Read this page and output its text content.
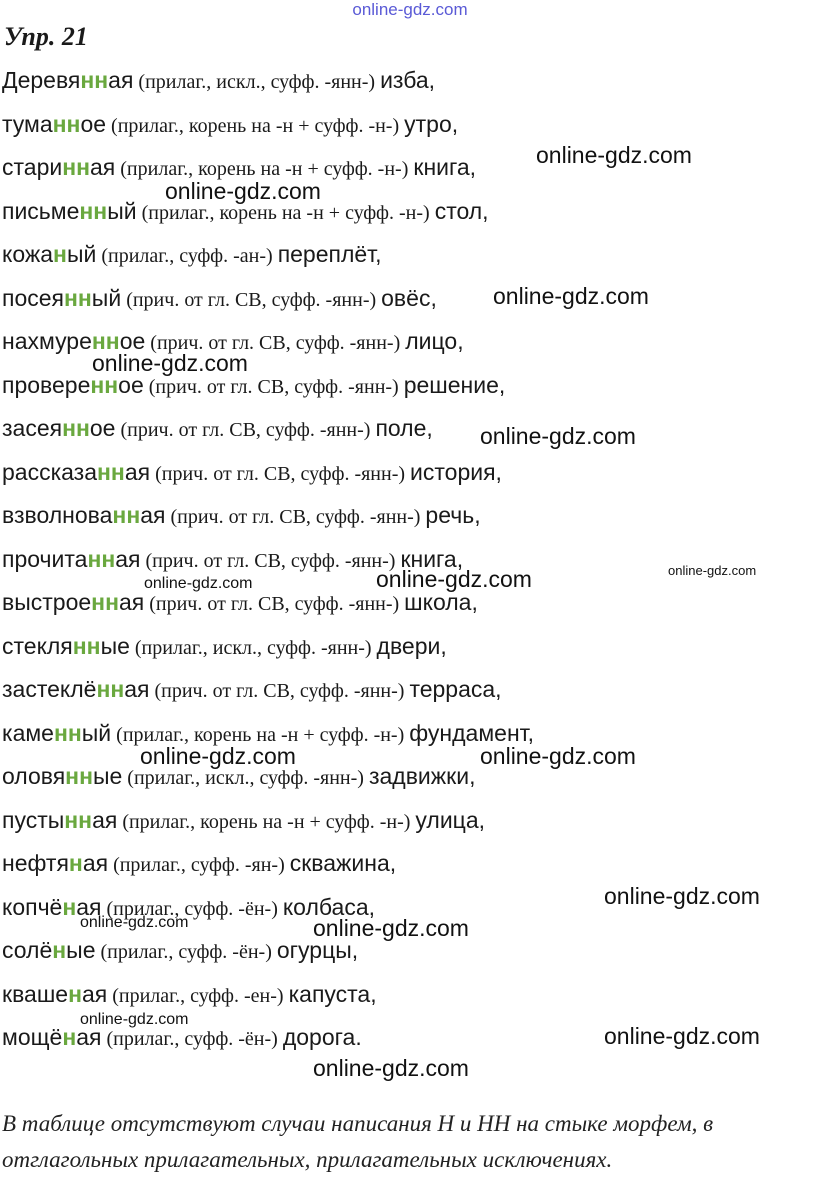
online-gdz.com
Упр. 21
Деревянная (прилаг., искл., суфф. -янн-) изба,
туманное (прилаг., корень на -н + суфф. -н-) утро,
старинная (прилаг., корень на -н + суфф. -н-) книга,
письменный (прилаг., корень на -н + суфф. -н-) стол,
кожаный (прилаг., суфф. -ан-) переплёт,
посеянный (прич. от гл. СВ, суфф. -янн-) овёс,
нахмуренное (прич. от гл. СВ, суфф. -янн-) лицо,
проверенное (прич. от гл. СВ, суфф. -янн-) решение,
засеянное (прич. от гл. СВ, суфф. -янн-) поле,
рассказанная (прич. от гл. СВ, суфф. -янн-) история,
взволнованная (прич. от гл. СВ, суфф. -янн-) речь,
прочитанная (прич. от гл. СВ, суфф. -янн-) книга,
выстроенная (прич. от гл. СВ, суфф. -янн-) школа,
стеклянные (прилаг., искл., суфф. -янн-) двери,
застеклённая (прич. от гл. СВ, суфф. -янн-) терраса,
каменный (прилаг., корень на -н + суфф. -н-) фундамент,
оловянные (прилаг., искл., суфф. -янн-) задвижки,
пустынная (прилаг., корень на -н + суфф. -н-) улица,
нефтяная (прилаг., суфф. -ян-) скважина,
копчёная (прилаг., суфф. -ён-) колбаса,
солёные (прилаг., суфф. -ён-) огурцы,
квашеная (прилаг., суфф. -ен-) капуста,
мощёная (прилаг., суфф. -ён-) дорога.
online-gdz.com
online-gdz.com
online-gdz.com
online-gdz.com
online-gdz.com
online-gdz.com	online-gdz.com	online-gdz.com
online-gdz.com	online-gdz.com
online-gdz.com
online-gdz.com	online-gdz.com
online-gdz.com
online-gdz.com
online-gdz.com
В таблице отсутствуют случаи написания Н и НН на стыке морфем, в отглагольных прилагательных, прилагательных исключениях.
